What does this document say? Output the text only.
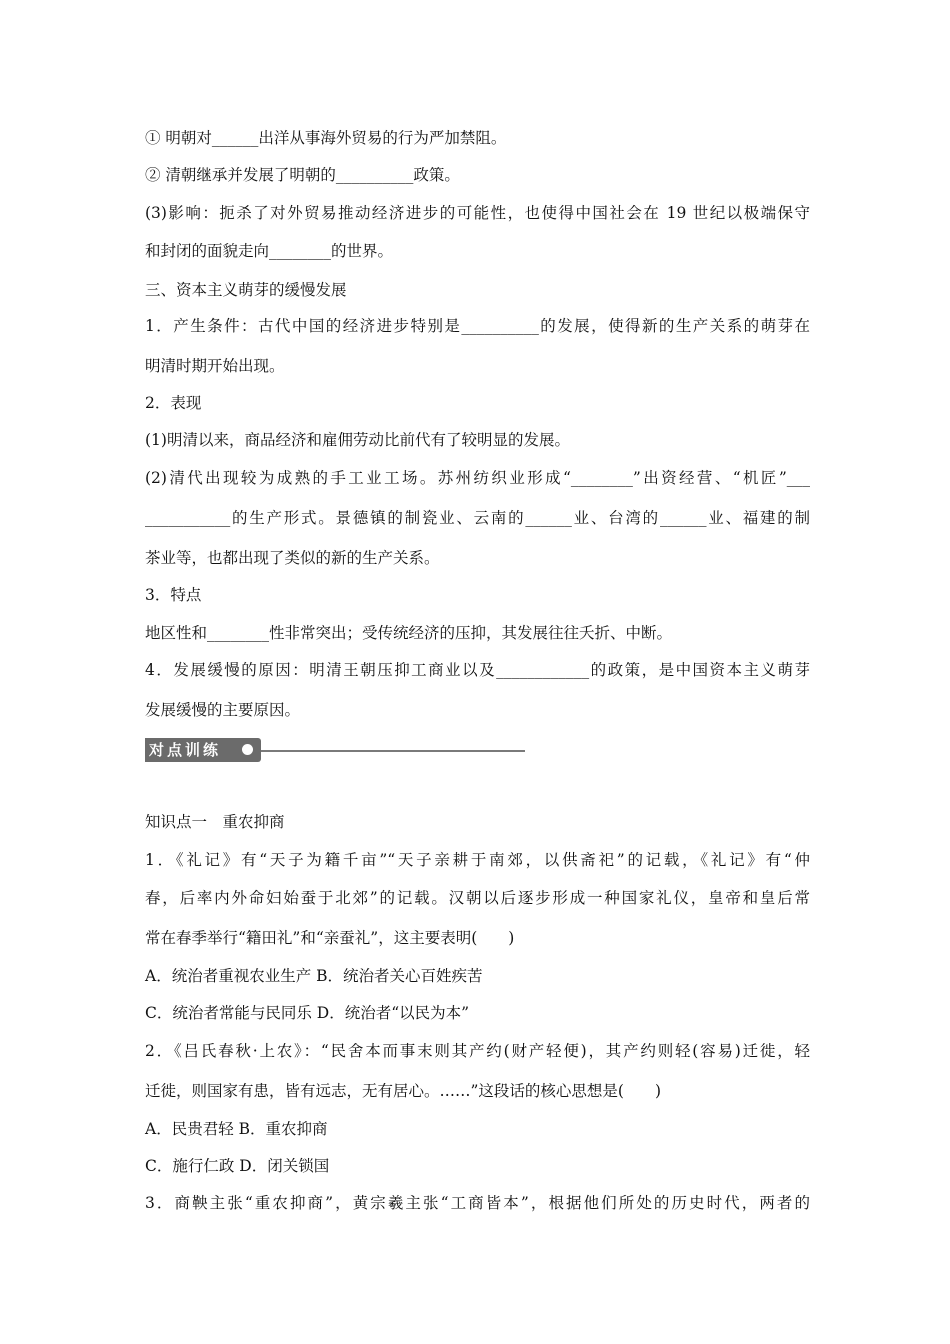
① 明朝对______出洋从事海外贸易的行为严加禁阻。
② 清朝继承并发展了明朝的__________政策。
(3)影响：扼杀了对外贸易推动经济进步的可能性，也使得中国社会在 19 世纪以极端保守
和封闭的面貌走向________的世界。
三、资本主义萌芽的缓慢发展
1．产生条件：古代中国的经济进步特别是__________的发展，使得新的生产关系的萌芽在
明清时期开始出现。
2．表现
(1)明清以来，商品经济和雇佣劳动比前代有了较明显的发展。
(2)清代出现较为成熟的手工业工场。苏州纺织业形成“________”出资经营、“机匠”___
___________的生产形式。景德镇的制瓷业、云南的______业、台湾的______业、福建的制
茶业等，也都出现了类似的新的生产关系。
3．特点
地区性和________性非常突出；受传统经济的压抑，其发展往往夭折、中断。
4．发展缓慢的原因：明清王朝压抑工商业以及____________的政策，是中国资本主义萌芽
发展缓慢的主要原因。
对点训练
知识点一　重农抑商
1．《礼记》有“天子为籍千亩”“天子亲耕于南郊，以供斋祀”的记载，《礼记》有“仲
春，后率内外命妇始蚕于北郊”的记载。汉朝以后逐步形成一种国家礼仪，皇帝和皇后常
常在春季举行“籍田礼”和“亲蚕礼”，这主要表明(　　)
A．统治者重视农业生产 B．统治者关心百姓疾苦
C．统治者常能与民同乐 D．统治者“以民为本”
2．《吕氏春秋·上农》：“民舍本而事末则其产约(财产轻便)，其产约则轻(容易)迁徙，轻
迁徙，则国家有患，皆有远志，无有居心。……”这段话的核心思想是(　　)
A．民贵君轻 B．重农抑商
C．施行仁政 D．闭关锁国
3．商鞅主张“重农抑商”，黄宗羲主张“工商皆本”，根据他们所处的历史时代，两者的
